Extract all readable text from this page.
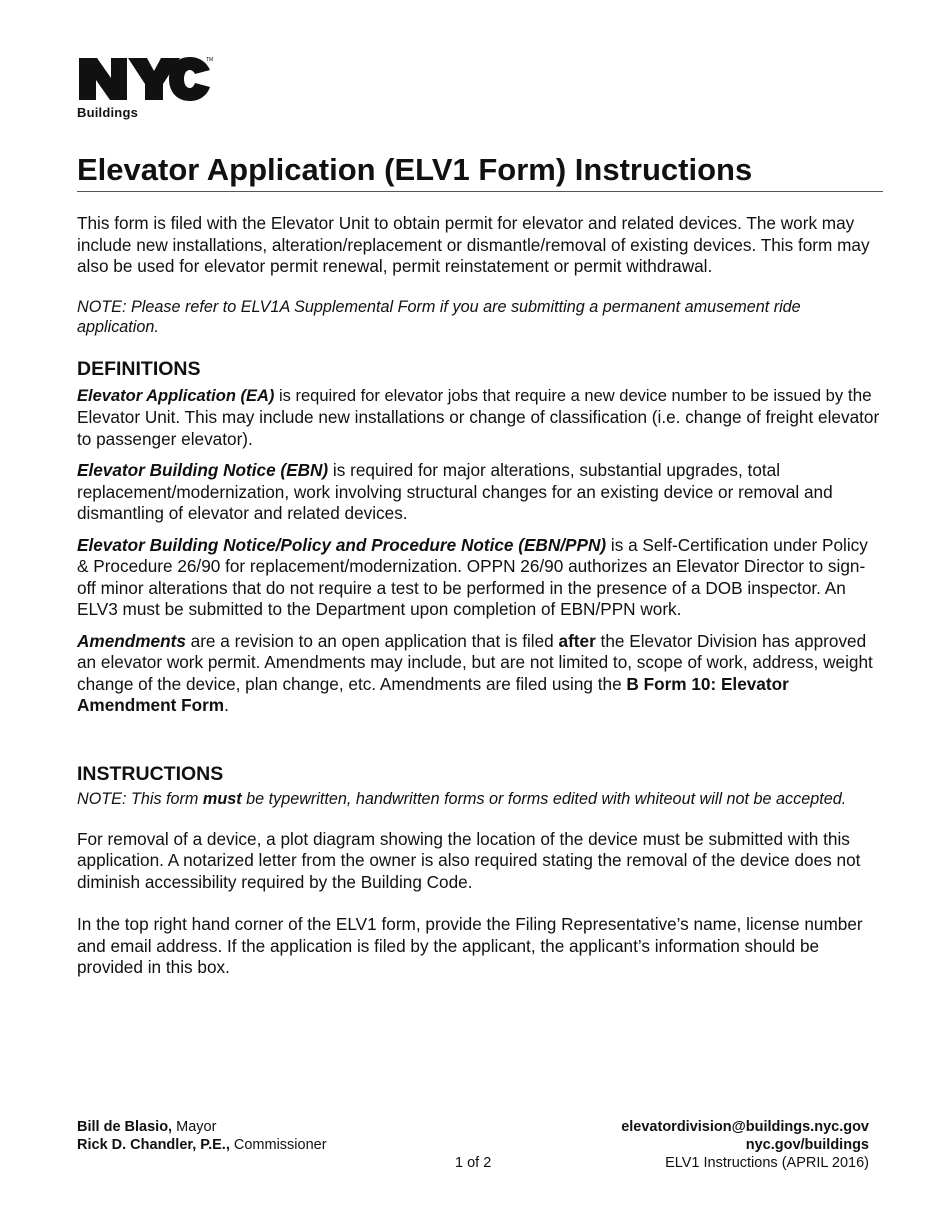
TM
Buildings
Elevator Application (ELV1 Form) Instructions

This form is filed with the Elevator Unit to obtain permit for elevator and related devices. The work may include new installations, alteration/replacement or dismantle/removal of existing devices. This form may also be used for elevator permit renewal, permit reinstatement or permit withdrawal.

NOTE: Please refer to ELV1A Supplemental Form if you are submitting a permanent amusement ride application.

DEFINITIONS

Elevator Application (EA) is required for elevator jobs that require a new device number to be issued by the Elevator Unit. This may include new installations or change of classification (i.e. change of freight elevator to passenger elevator).

Elevator Building Notice (EBN) is required for major alterations, substantial upgrades, total replacement/modernization, work involving structural changes for an existing device or removal and dismantling of elevator and related devices.

Elevator Building Notice/Policy and Procedure Notice (EBN/PPN) is a Self-Certification under Policy & Procedure 26/90 for replacement/modernization. OPPN 26/90 authorizes an Elevator Director to sign-off minor alterations that do not require a test to be performed in the presence of a DOB inspector. An ELV3 must be submitted to the Department upon completion of EBN/PPN work.

Amendments are a revision to an open application that is filed after the Elevator Division has approved an elevator work permit. Amendments may include, but are not limited to, scope of work, address, weight change of the device, plan change, etc. Amendments are filed using the B Form 10: Elevator Amendment Form.

INSTRUCTIONS

NOTE: This form must be typewritten, handwritten forms or forms edited with whiteout will not be accepted.

For removal of a device, a plot diagram showing the location of the device must be submitted with this application. A notarized letter from the owner is also required stating the removal of the device does not diminish accessibility required by the Building Code.

In the top right hand corner of the ELV1 form, provide the Filing Representative’s name, license number and email address. If the application is filed by the applicant, the applicant’s information should be provided in this box.

Bill de Blasio, Mayor
Rick D. Chandler, P.E., Commissioner
1 of 2
elevatordivision@buildings.nyc.gov
nyc.gov/buildings
ELV1 Instructions (APRIL 2016)
